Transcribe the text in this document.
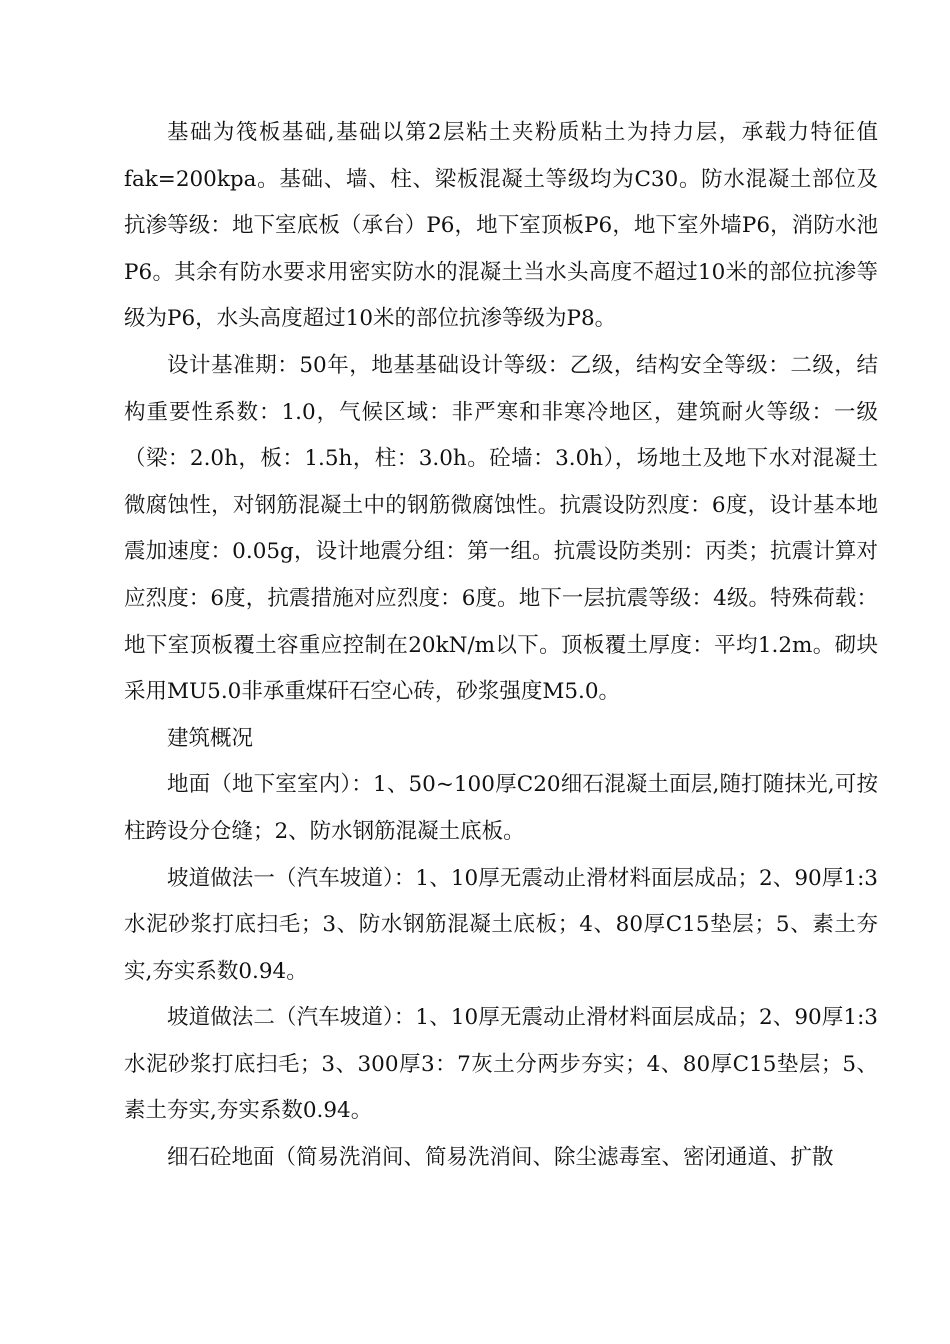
基础为筏板基础,基础以第2层粘土夹粉质粘土为持力层，承载力特征值fak=200kpa。基础、墙、柱、梁板混凝土等级均为C30。防水混凝土部位及抗渗等级：地下室底板（承台）P6，地下室顶板P6，地下室外墙P6，消防水池P6。其余有防水要求用密实防水的混凝土当水头高度不超过10米的部位抗渗等级为P6，水头高度超过10米的部位抗渗等级为P8。

设计基准期：50年，地基基础设计等级：乙级，结构安全等级：二级，结构重要性系数：1.0，气候区域：非严寒和非寒冷地区，建筑耐火等级：一级（梁：2.0h，板：1.5h，柱：3.0h。砼墙：3.0h），场地土及地下水对混凝土微腐蚀性，对钢筋混凝土中的钢筋微腐蚀性。抗震设防烈度：6度，设计基本地震加速度：0.05g，设计地震分组：第一组。抗震设防类别：丙类；抗震计算对应烈度：6度，抗震措施对应烈度：6度。地下一层抗震等级：4级。特殊荷载：地下室顶板覆土容重应控制在20kN/m以下。顶板覆土厚度：平均1.2m。砌块采用MU5.0非承重煤矸石空心砖，砂浆强度M5.0。

建筑概况

地面（地下室室内）：1、50~100厚C20细石混凝土面层,随打随抹光,可按柱跨设分仓缝；2、防水钢筋混凝土底板。

坡道做法一（汽车坡道）：1、10厚无震动止滑材料面层成品；2、90厚1:3水泥砂浆打底扫毛；3、防水钢筋混凝土底板；4、80厚C15垫层；5、素土夯实,夯实系数0.94。

坡道做法二（汽车坡道）：1、10厚无震动止滑材料面层成品；2、90厚1:3水泥砂浆打底扫毛；3、300厚3：7灰土分两步夯实；4、80厚C15垫层；5、素土夯实,夯实系数0.94。

细石砼地面（简易洗消间、简易洗消间、除尘滤毒室、密闭通道、扩散
